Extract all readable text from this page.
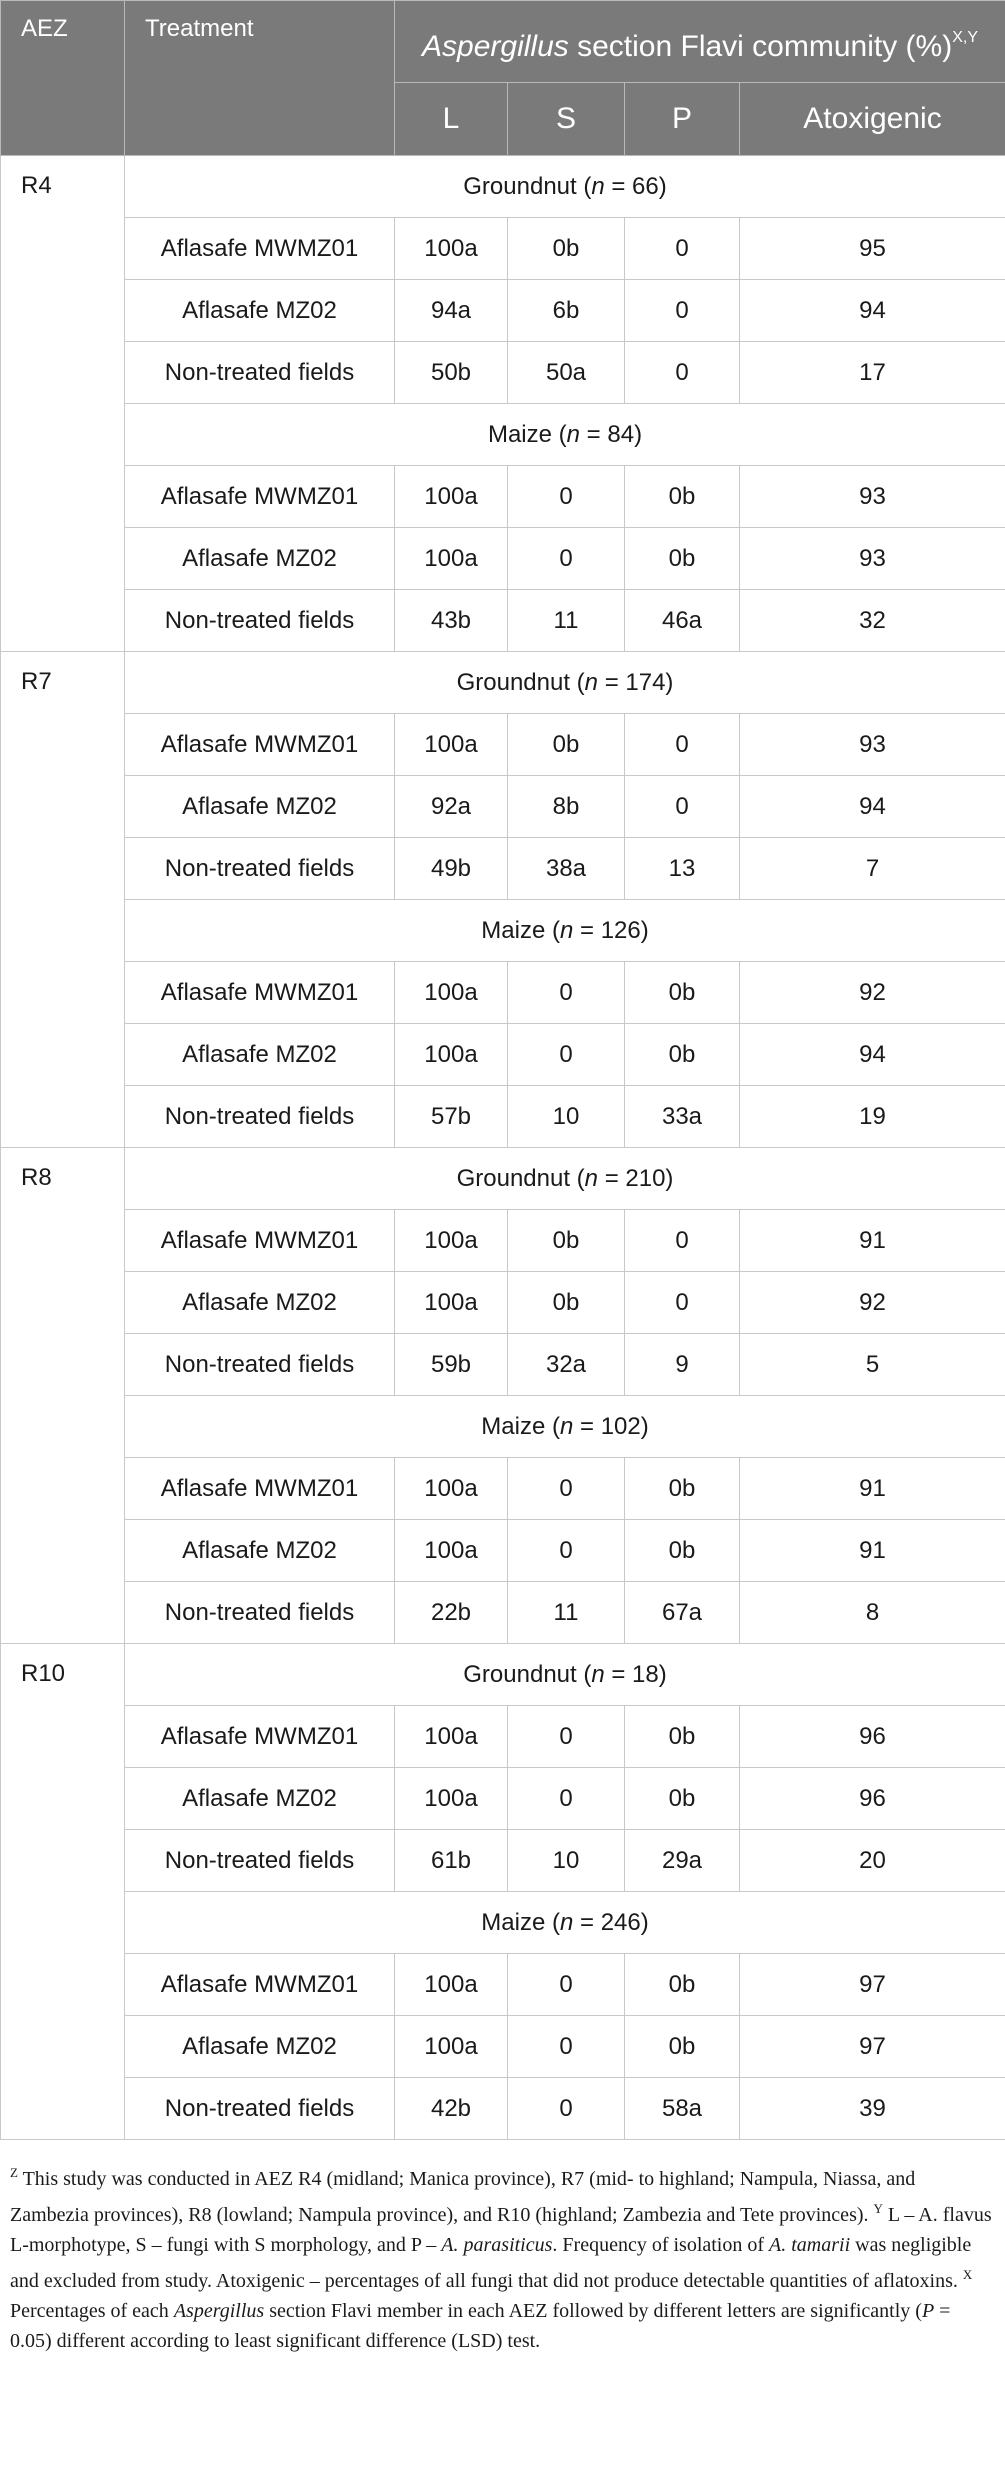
AEZ	Treatment	Aspergillus section Flavi community (%)$^{X,Y}$
		L	S	P	Atoxigenic
R4	Groundnut (n = 66)				
	Aflasafe MWMZ01	100a	0b	0	95
	Aflasafe MZ02	94a	6b	0	94
	Non-treated fields	50b	50a	0	17
	Maize (n = 84)				
	Aflasafe MWMZ01	100a	0	0b	93
	Aflasafe MZ02	100a	0	0b	93
	Non-treated fields	43b	11	46a	32
R7	Groundnut (n = 174)				
	Aflasafe MWMZ01	100a	0b	0	93
	Aflasafe MZ02	92a	8b	0	94
	Non-treated fields	49b	38a	13	7
	Maize (n = 126)				
	Aflasafe MWMZ01	100a	0	0b	92
	Aflasafe MZ02	100a	0	0b	94
	Non-treated fields	57b	10	33a	19
R8	Groundnut (n = 210)				
	Aflasafe MWMZ01	100a	0b	0	91
	Aflasafe MZ02	100a	0b	0	92
	Non-treated fields	59b	32a	9	5
	Maize (n = 102)				
	Aflasafe MWMZ01	100a	0	0b	91
	Aflasafe MZ02	100a	0	0b	91
	Non-treated fields	22b	11	67a	8
R10	Groundnut (n = 18)				
	Aflasafe MWMZ01	100a	0	0b	96
	Aflasafe MZ02	100a	0	0b	96
	Non-treated fields	61b	10	29a	20
	Maize (n = 246)				
	Aflasafe MWMZ01	100a	0	0b	97
	Aflasafe MZ02	100a	0	0b	97
	Non-treated fields	42b	0	58a	39
$^Z$ This study was conducted in AEZ R4 (midland; Manica province), R7 (mid- to highland; Nampula, Niassa, and Zambezia provinces), R8 (lowland; Nampula province), and R10 (highland; Zambezia and Tete provinces). $^Y$ L – A. flavus L-morphotype, S – fungi with S morphology, and P – A. parasiticus. Frequency of isolation of A. tamarii was negligible and excluded from study. Atoxigenic – percentages of all fungi that did not produce detectable quantities of aflatoxins. $^X$ Percentages of each Aspergillus section Flavi member in each AEZ followed by different letters are significantly (P = 0.05) different according to least significant difference (LSD) test.
